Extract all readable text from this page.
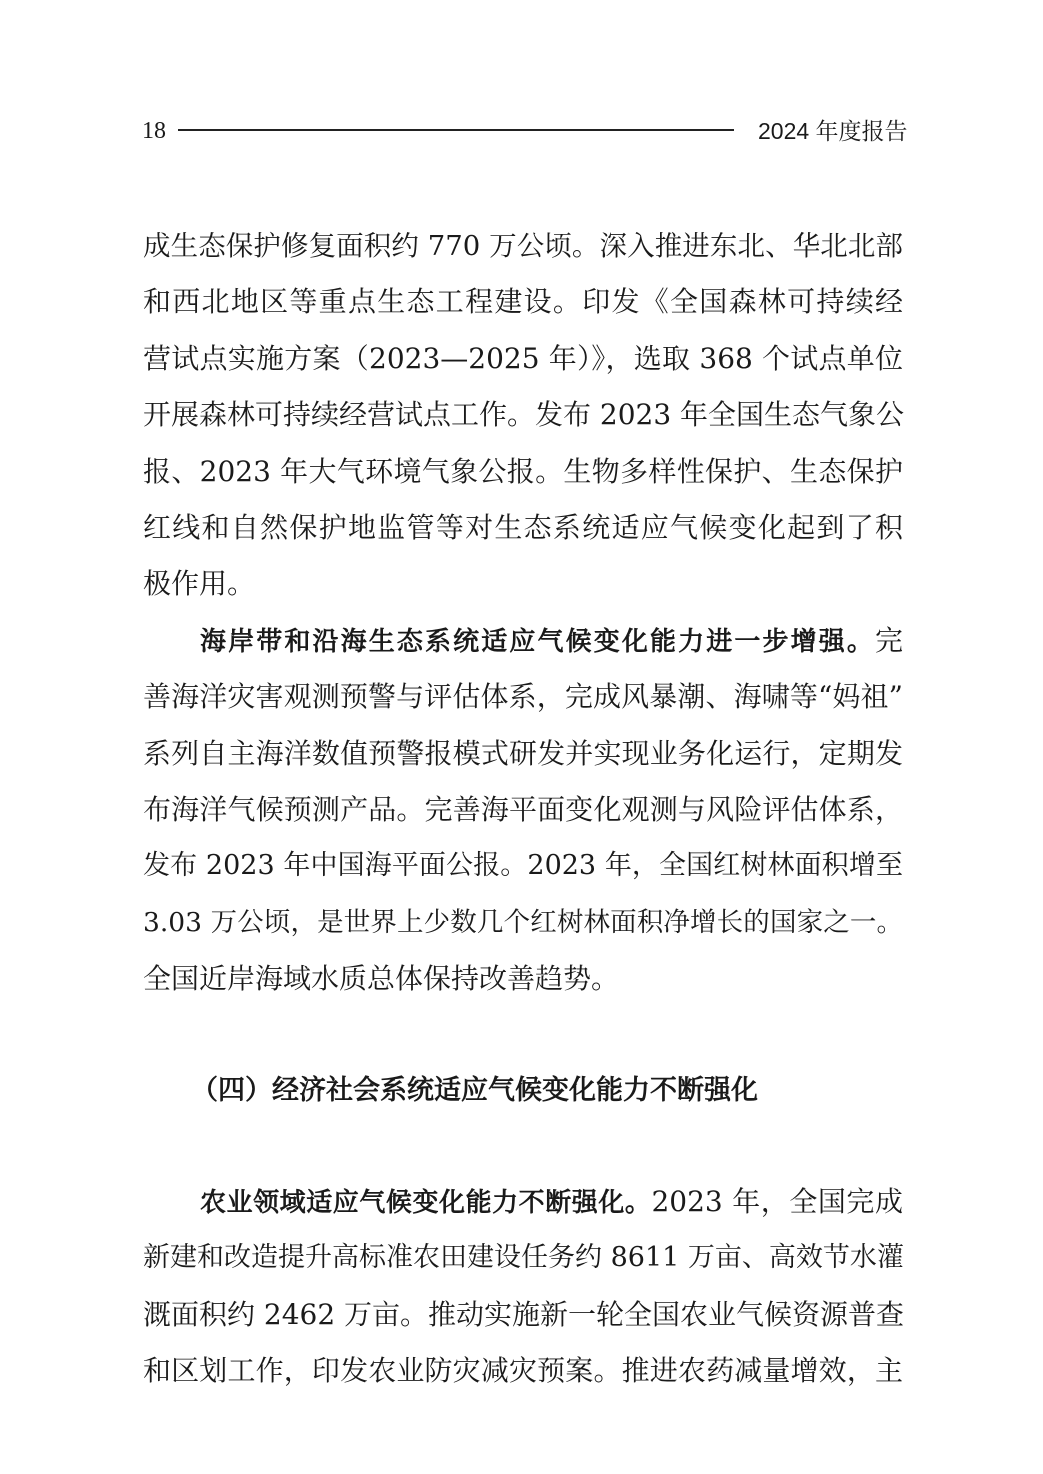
18	2024 年度报告
成生态保护修复面积约 770 万公顷。深入推进东北、华北北部
和西北地区等重点生态工程建设。印发《全国森林可持续经
营试点实施方案（2023—2025 年）》，选取 368 个试点单位
开展森林可持续经营试点工作。发布 2023 年全国生态气象公
报、2023 年大气环境气象公报。生物多样性保护、生态保护
红线和自然保护地监管等对生态系统适应气候变化起到了积
极作用。
海岸带和沿海生态系统适应气候变化能力进一步增强。完
善海洋灾害观测预警与评估体系，完成风暴潮、海啸等“妈祖”
系列自主海洋数值预警报模式研发并实现业务化运行，定期发
布海洋气候预测产品。完善海平面变化观测与风险评估体系，
发布 2023 年中国海平面公报。2023 年，全国红树林面积增至
3.03 万公顷，是世界上少数几个红树林面积净增长的国家之一。
全国近岸海域水质总体保持改善趋势。
（四）经济社会系统适应气候变化能力不断强化
农业领域适应气候变化能力不断强化。2023 年，全国完成
新建和改造提升高标准农田建设任务约 8611 万亩、高效节水灌
溉面积约 2462 万亩。推动实施新一轮全国农业气候资源普查
和区划工作，印发农业防灾减灾预案。推进农药减量增效，主
